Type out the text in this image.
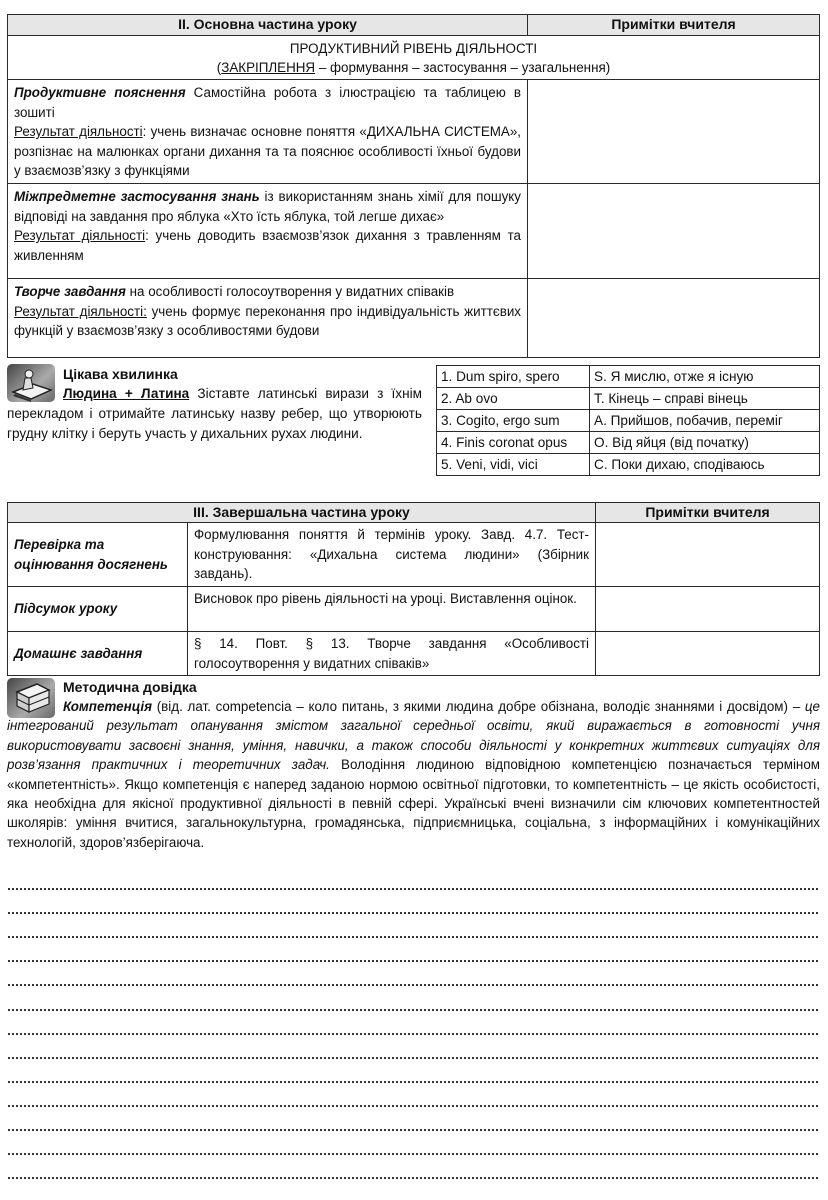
II. Основна частина уроку	Примітки вчителя

ПРОДУКТИВНИЙ РІВЕНЬ ДІЯЛЬНОСТІ
(ЗАКРІПЛЕННЯ – формування – застосування – узагальнення)	

Продуктивне пояснення Самостійна робота з ілюстрацією та таблицею в зошиті
Результат діяльності: учень визначає основне поняття «ДИХАЛЬНА СИСТЕМА», розпізнає на малюнках органи дихання та та пояснює особливості їхньої будови у взаємозв’язку з функціями	
Міжпредметне застосування знань із використанням знань хімії для пошуку відповіді на завдання про яблука «Хто їсть яблука, той легше дихає»
Результат діяльності: учень доводить взаємозв’язок дихання з травленням та живленням	
Творче завдання на особливості голосоутворення у видатних співаків
Результат діяльності: учень формує переконання про індивідуальність життєвих функцій у взаємозв’язку з особливостями будови	
Цікава хвилинка
Людина + Латина Зіставте латинські вирази з їхнім перекладом і отримайте латинську назву ребер, що утворюють грудну клітку і беруть участь у дихальних рухах людини.
1. Dum spiro, spero	S. Я мислю, отже я існую
2. Ab ovo	T. Кінець – справі вінець
3. Cogito, ergo sum	A. Прийшов, побачив, переміг
4. Finis coronat opus	O. Від яйця (від початку)
5. Veni, vidi, vici	C. Поки дихаю, сподіваюсь
III. Завершальна частина уроку		Примітки вчителя
Перевірка та оцінювання досягнень	Формулювання поняття й термінів уроку. Завд. 4.7. Тест-конструювання: «Дихальна система людини» (Збірник завдань).	
Підсумок уроку	Висновок про рівень діяльності на уроці. Виставлення оцінок.	
Домашнє завдання	§ 14. Повт. § 13. Творче завдання «Особливості голосоутворення у видатних співаків»	
Методична довідка
Компетенція (від. лат. competencia – коло питань, з якими людина добре обізнана, володіє знаннями і досвідом) – це інтегрований результат опанування змістом загальної середньої освіти, який виражається в готовності учня використовувати засвоєні знання, уміння, навички, а також способи діяльності у конкретних життєвих ситуаціях для розв’язання практичних і теоретичних задач. Володіння людиною відповідною компетенцією позначається терміном «компетентність». Якщо компетенція є наперед заданою нормою освітньої підготовки, то компетентність – це якість особистості, яка необхідна для якісної продуктивної діяльності в певній сфері. Українські вчені визначили сім ключових компетентностей школярів: уміння вчитися, загальнокультурна, громадянська, підприємницька, соціальна, з інформаційних і комунікаційних технологій, здоров’язберігаюча.
